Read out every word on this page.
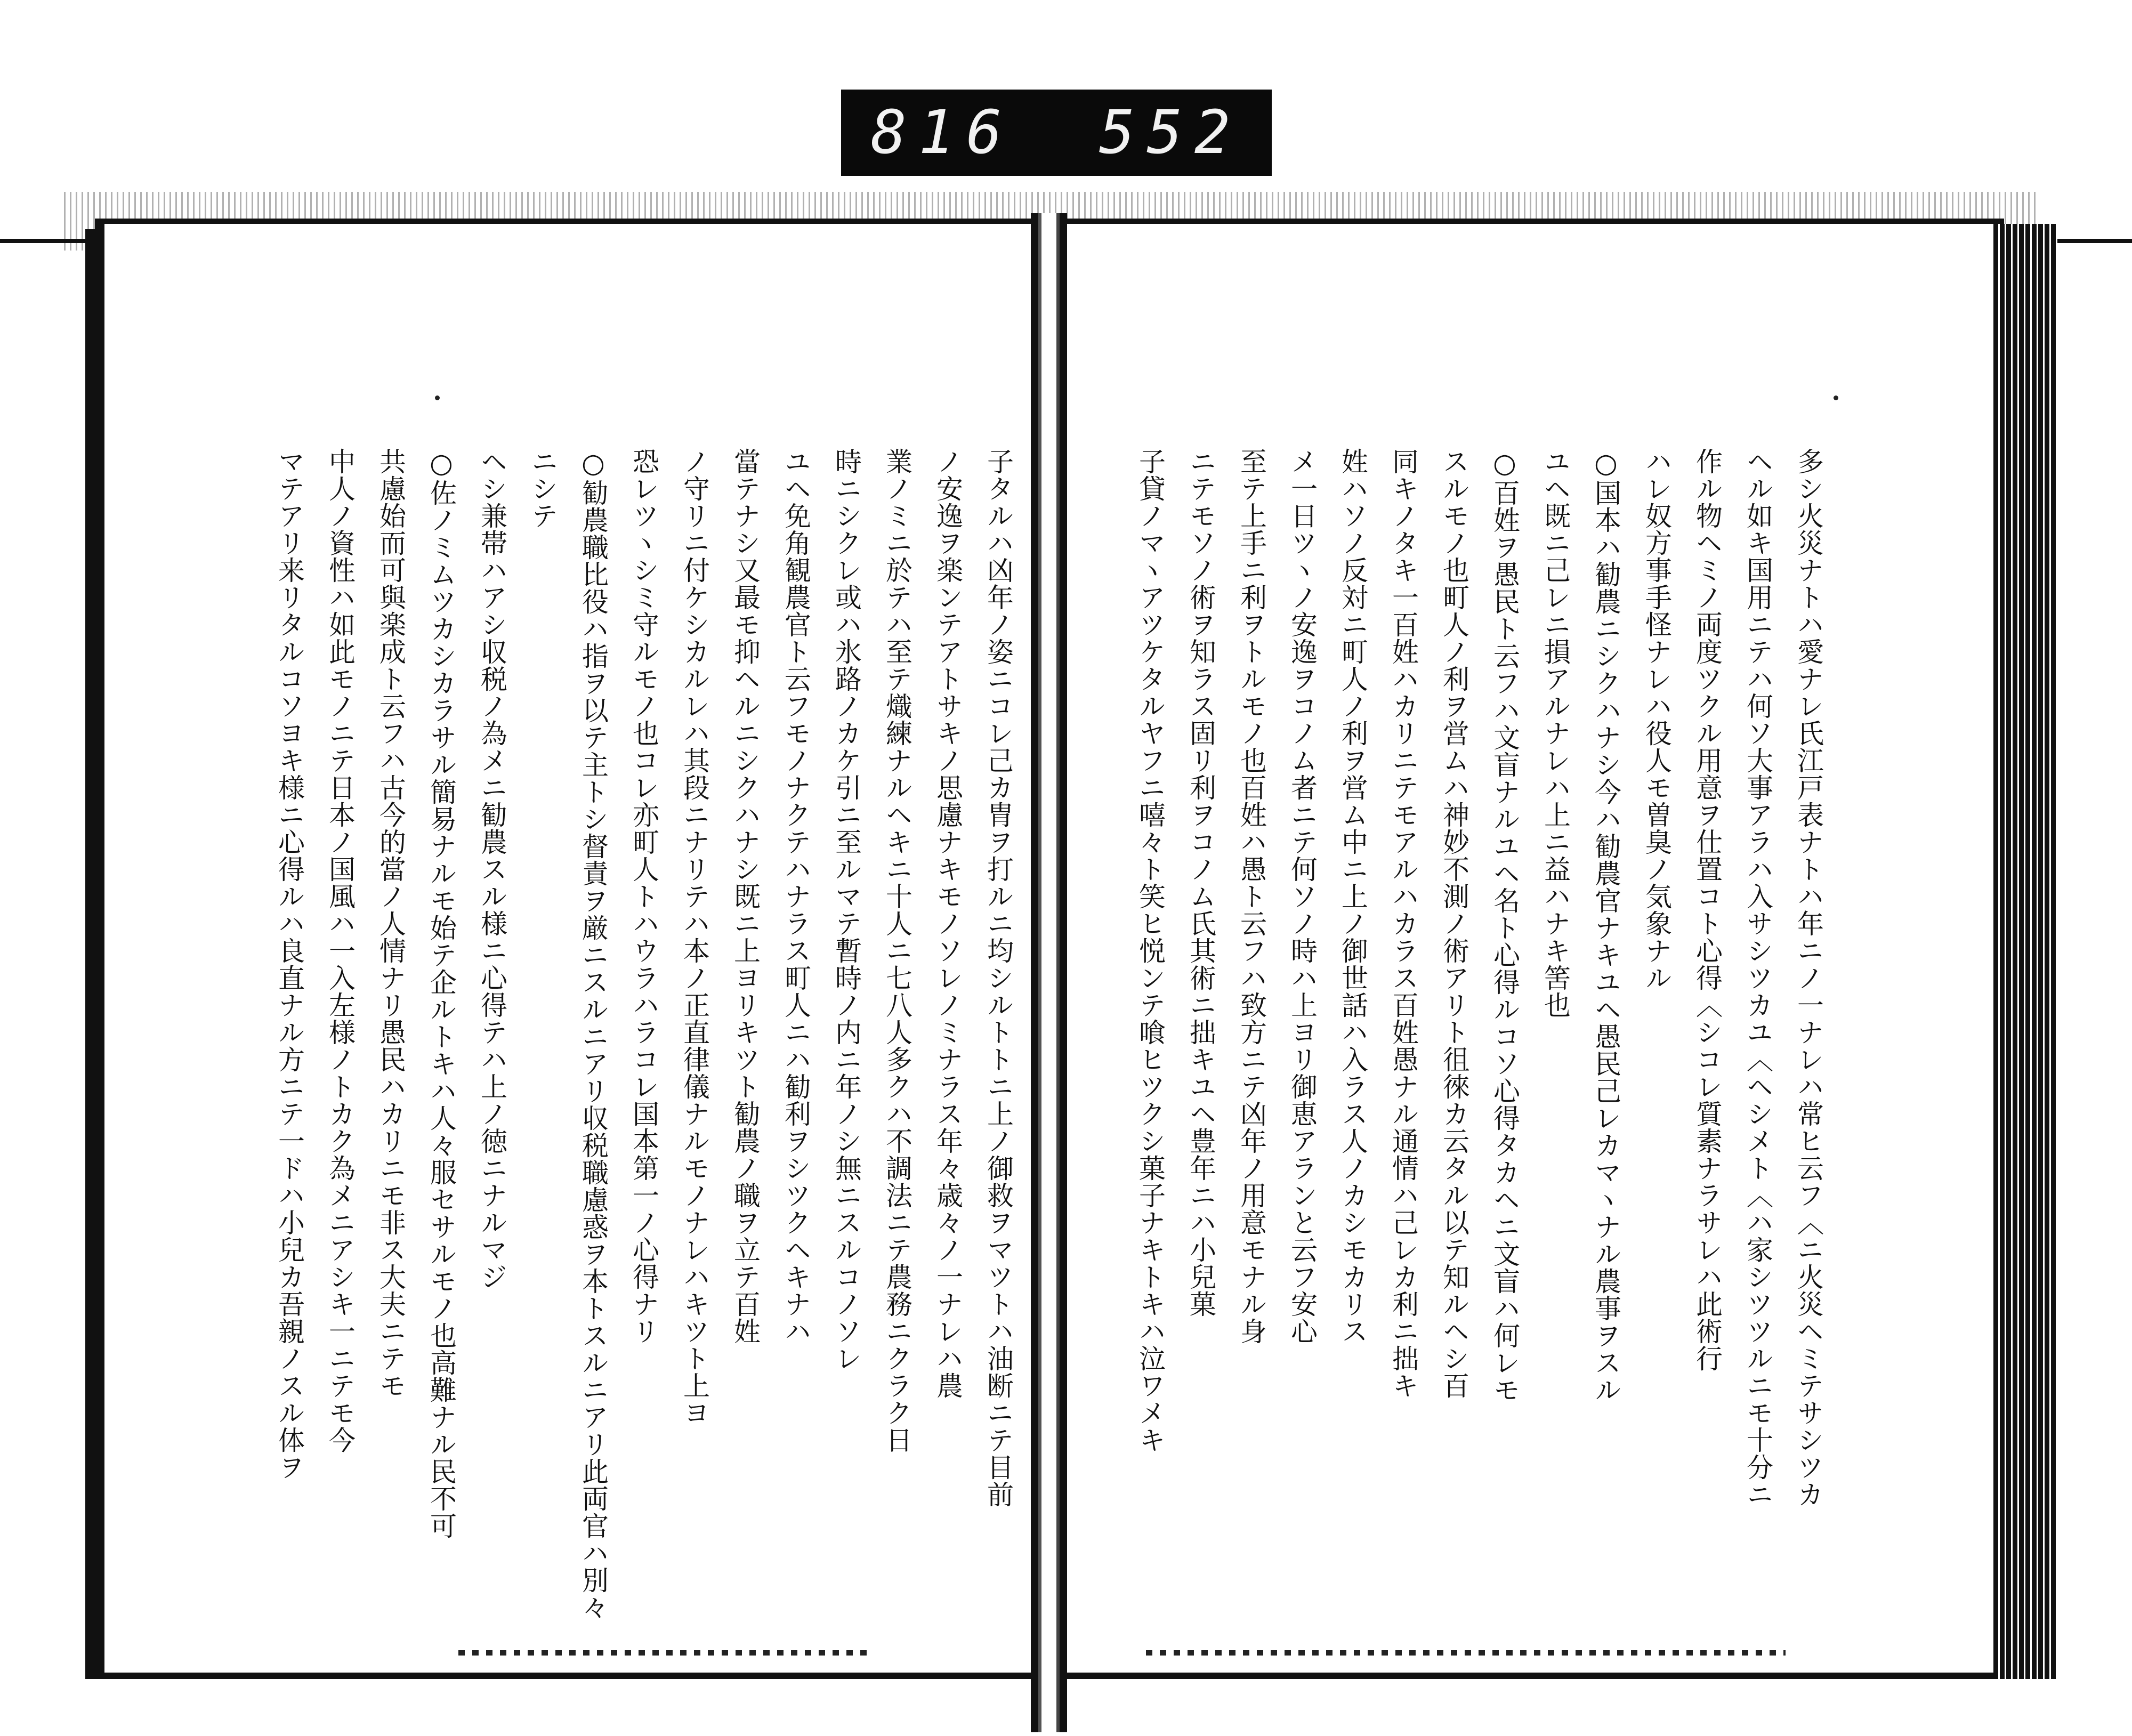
816 552

多シ火災ナトハ愛ナレ氏江戸表ナトハ年ニノ一ナレハ常ヒ云フ〈ニ火災ヘミテサシツカ

ヘル如キ国用ニテハ何ソ大事アラハ入サシツカユ〈ヘシメト〈ハ家シツツルニモ十分ニ

作ル物ヘミノ両度ツクル用意ヲ仕置コト心得〈シコレ質素ナラサレハ此術行

ハレ奴方事手怪ナレハ役人モ曽臭ノ気象ナル

○国本ハ勧農ニシクハナシ今ハ勧農官ナキユヘ愚民己レカマヽナル農事ヲスル

ユヘ既ニ己レニ損アルナレハ上ニ益ハナキ筈也

○百姓ヲ愚民ト云フハ文盲ナルユヘ名ト心得ルコソ心得タカヘニ文盲ハ何レモ

スルモノ也町人ノ利ヲ営ムハ神妙不測ノ術アリト徂徠カ云タル以テ知ルヘシ百

同キノタキ一百姓ハカリニテモアルハカラス百姓愚ナル通情ハ己レカ利ニ拙キ

姓ハソノ反対ニ町人ノ利ヲ営ム中ニ上ノ御世話ハ入ラス人ノカシモカリス

メ一日ツヽノ安逸ヲコノム者ニテ何ソノ時ハ上ヨリ御恵アランと云フ安心

至テ上手ニ利ヲトルモノ也百姓ハ愚ト云フハ致方ニテ凶年ノ用意モナル身

ニテモソノ術ヲ知ラス固リ利ヲコノム氏其術ニ拙キユヘ豊年ニハ小兒菓

子貸ノマヽアツケタルヤフニ嘻々ト笑ヒ悦ンテ喰ヒツクシ菓子ナキトキハ泣ワメキ

子タルハ凶年ノ姿ニコレ己カ胄ヲ打ルニ均シルトトニ上ノ御救ヲマツトハ油断ニテ目前

ノ安逸ヲ楽ンテアトサキノ思慮ナキモノソレノミナラス年々歳々ノ一ナレハ農

業ノミニ於テハ至テ熾練ナルヘキニ十人ニ七八人多クハ不調法ニテ農務ニクラク日

時ニシクレ或ハ氷路ノカケ引ニ至ルマテ暫時ノ内ニ年ノシ無ニスルコノソレ

ユヘ免角観農官ト云フモノナクテハナラス町人ニハ勧利ヲシツクヘキナハ

當テナシ又最モ抑ヘルニシクハナシ既ニ上ヨリキツト勧農ノ職ヲ立テ百姓

ノ守リニ付ケシカルレハ其段ニナリテハ本ノ正直律儀ナルモノナレハキツト上ヨ

恐レツヽシミ守ルモノ也コレ亦町人トハウラハラコレ国本第一ノ心得ナリ

○勧農職比役ハ指ヲ以テ主トシ督責ヲ厳ニスルニアリ収税職慮惑ヲ本トスルニアリ此両官ハ別々ニシテ

ヘシ兼帯ハアシ収税ノ為メニ勧農スル様ニ心得テハ上ノ徳ニナルマジ

○佐ノミムツカシカラサル簡易ナルモ始テ企ルトキハ人々服セサルモノ也高難ナル民不可

共慮始而可與楽成ト云フハ古今的當ノ人情ナリ愚民ハカリニモ非ス大夫ニテモ

中人ノ資性ハ如此モノニテ日本ノ国風ハ一入左様ノトカク為メニアシキ一ニテモ今

マテアリ来リタルコソヨキ様ニ心得ルハ良直ナル方ニテ一ドハ小兒カ吾親ノスル体ヲ
